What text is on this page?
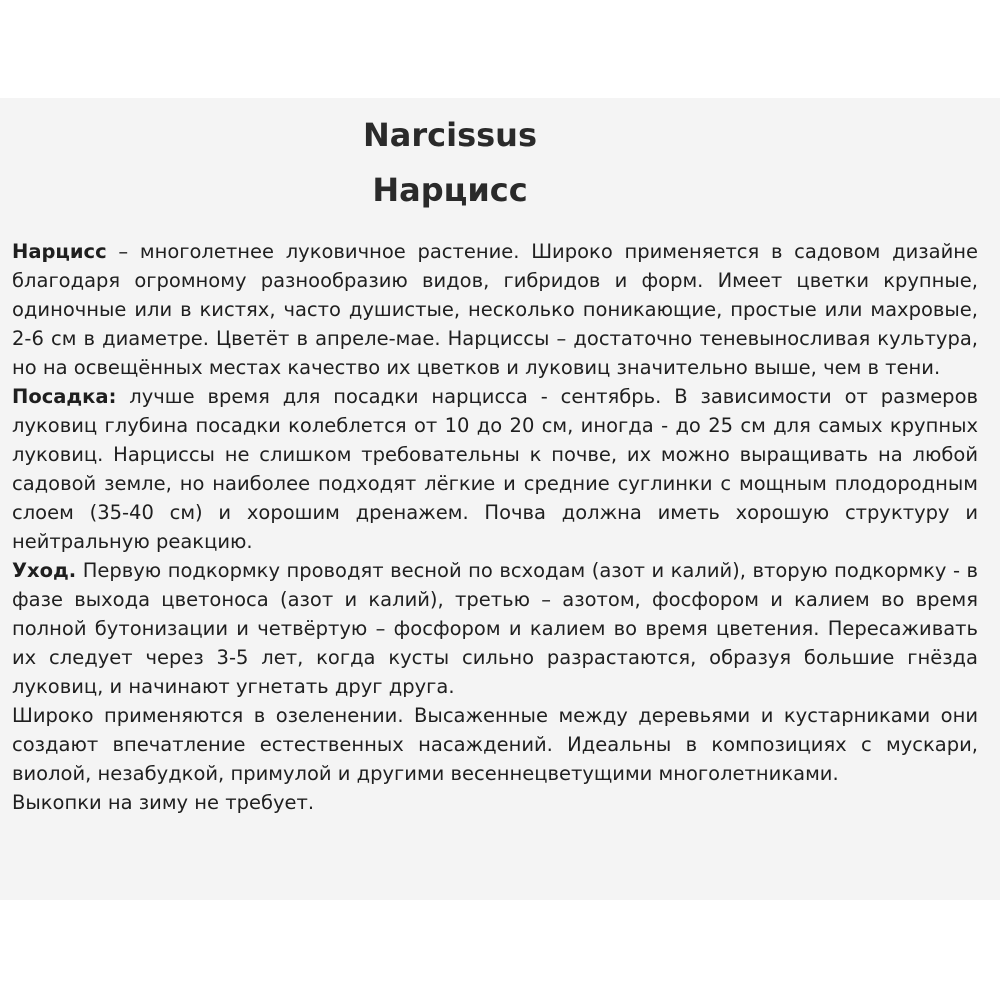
Narcissus
Нарцисс

Нарцисс – многолетнее луковичное растение. Широко применяется в садовом дизайне благодаря огромному разнообразию видов, гибридов и форм. Имеет цветки крупные, одиночные или в кистях, часто душистые, несколько поникающие, простые или махровые, 2-6 см в диаметре. Цветёт в апреле-мае. Нарциссы – достаточно теневыносливая культура, но на освещённых местах качество их цветков и луковиц значительно выше, чем в тени.

Посадка: лучше время для посадки нарцисса - сентябрь. В зависимости от размеров луковиц глубина посадки колеблется от 10 до 20 см, иногда - до 25 см для самых крупных луковиц. Нарциссы не слишком требовательны к почве, их можно выращивать на любой садовой земле, но наиболее подходят лёгкие и средние суглинки с мощным плодородным слоем (35-40 см) и хорошим дренажем. Почва должна иметь хорошую структуру и нейтральную реакцию.

Уход. Первую подкормку проводят весной по всходам (азот и калий), вторую подкормку - в фазе выхода цветоноса (азот и калий), третью – азотом, фосфором и калием во время полной бутонизации и четвёртую – фосфором и калием во время цветения. Пересаживать их следует через 3-5 лет, когда кусты сильно разрастаются, образуя большие гнёзда луковиц, и начинают угнетать друг друга.

Широко применяются в озеленении. Высаженные между деревьями и кустарниками они создают впечатление естественных насаждений. Идеальны в композициях с мускари, виолой, незабудкой, примулой и другими весеннецветущими многолетниками.

Выкопки на зиму не требует.
